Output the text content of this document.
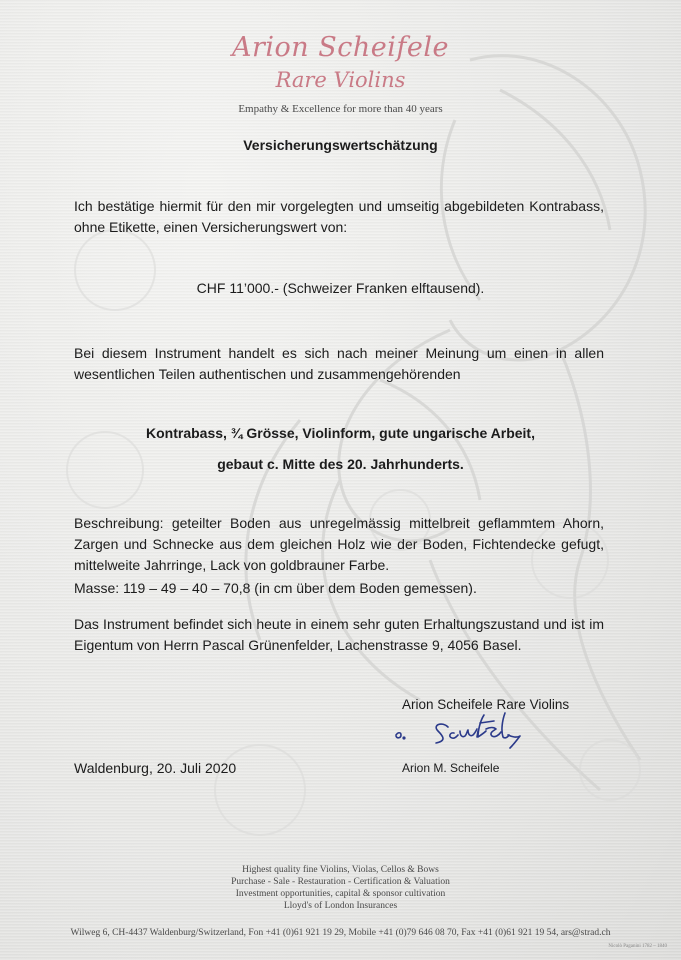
Arion Scheifele
Rare Violins
Empathy & Excellence for more than 40 years
Versicherungswertschätzung
Ich bestätige hiermit für den mir vorgelegten und umseitig abgebildeten Kontrabass, ohne Etikette, einen Versicherungswert von:
CHF 11’000.- (Schweizer Franken elftausend).
Bei diesem Instrument handelt es sich nach meiner Meinung um einen in allen wesentlichen Teilen authentischen und zusammengehörenden
Kontrabass, ¾ Grösse, Violinform, gute ungarische Arbeit,
gebaut c. Mitte des 20. Jahrhunderts.
Beschreibung: geteilter Boden aus unregelmässig mittelbreit geflammtem Ahorn, Zargen und Schnecke aus dem gleichen Holz wie der Boden, Fichtendecke gefugt, mittelweite Jahrringe, Lack von goldbrauner Farbe.
Masse: 119 – 49 – 40 – 70,8 (in cm über dem Boden gemessen).
Das Instrument befindet sich heute in einem sehr guten Erhaltungszustand und ist im Eigentum von Herrn Pascal Grünenfelder, Lachenstrasse 9, 4056 Basel.
Arion Scheifele Rare Violins
Waldenburg, 20. Juli 2020	Arion M. Scheifele
Highest quality fine Violins, Violas, Cellos & Bows
Purchase - Sale - Restauration - Certification & Valuation
Investment opportunities, capital & sponsor cultivation
Lloyd's of London Insurances
Wilweg 6, CH-4437 Waldenburg/Switzerland, Fon +41 (0)61 921 19 29, Mobile +41 (0)79 646 08 70, Fax +41 (0)61 921 19 54, ars@strad.ch
Nicolò Paganini 1782 – 1840
